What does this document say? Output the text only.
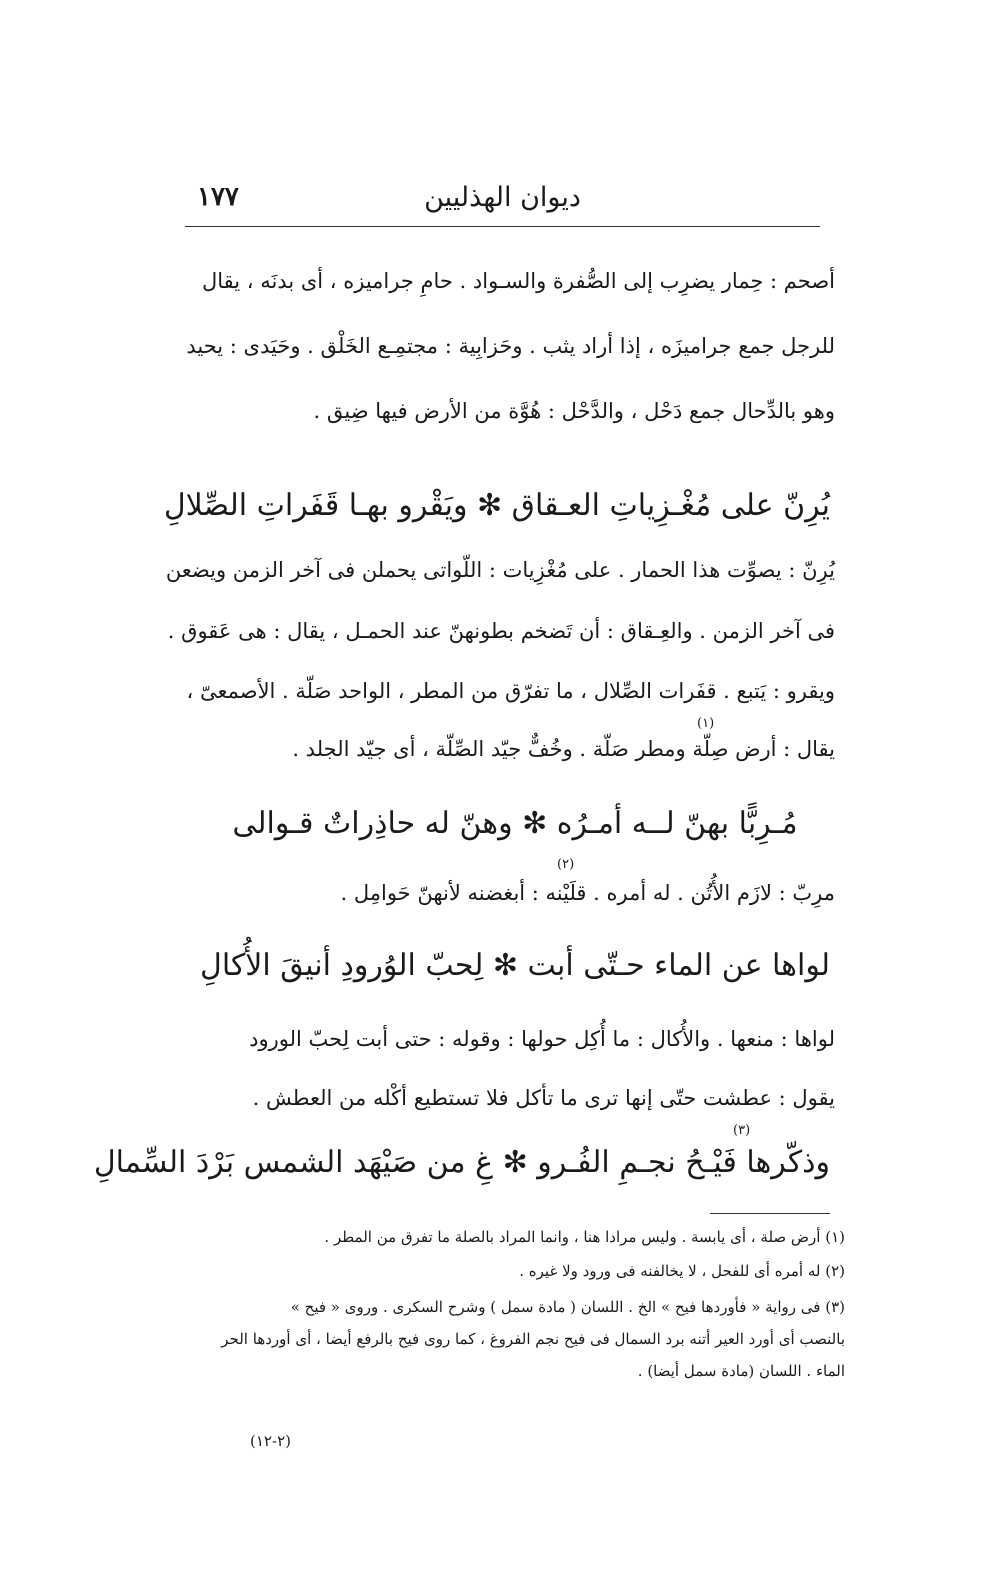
١٧٧	ديوان الهذليين
أصحم : حِمار يضرِب إلى الصُّفرة والسـواد . حامِ جراميزه ، أى بدنَه ، يقال
للرجل جمع جراميزَه ، إذا أراد يثب . وحَزابِية : مجتمِـع الخَلْق . وحَيَدى : يحيد
وهو بالدِّحال جمع دَحْل ، والدَّحْل : هُوَّة من الأرض فيها ضِيق .
يُرِنّ على مُغْـزِياتِ العـقاق ✻ ويَقْرو بهـا قَفَراتِ الصِّلالِ
يُرِنّ : يصوِّت هذا الحمار . على مُغْزِيات : اللّواتى يحملن فى آخر الزمن ويضعن
فى آخر الزمن . والعِـقاق : أن تَضخم بطونهنّ عند الحمـل ، يقال : هى عَقوق .
ويقرو : يَتبع . قفَرات الصِّلال ، ما تفرّق من المطر ، الواحد صَلّة . الأصمعىّ ،
يقال : أرض صِلّة ومطر صَلّة . وخُفٌّ جيّد الصِّلّة ، أى جيّد الجلد .
(١)
مُـرِبًّا بهنّ لــه أمـرُه ✻ وهنّ له حاذِراتٌ قـوالى
(٢)
مرِبّ : لازَم الأُتُن . له أمره . قلَيْنه : أبغضنه لأنهنّ حَوامِل .
لواها عن الماء حـتّى أبت ✻ لِحبّ الوُرودِ أنيقَ الأُكالِ
لواها : منعها . والأُكال : ما أُكِل حولها : وقوله : حتى أبت لِحبّ الورود
يقول : عطشت حتّى إنها ترى ما تأكل فلا تستطيع أكْله من العطش .
(٣)
وذكّرها فَيْـحُ نجـمِ الفُـرو ✻ غِ من صَيْهَد الشمس بَرْدَ السِّمالِ
(١) أرض صلة ، أى يابسة . وليس مرادا هنا ، وانما المراد بالصلة ما تفرق من المطر .
(٢) له أمره أى للفحل ، لا يخالفنه فى ورود ولا غيره .
(٣) فى رواية « فأوردها فيح » الخ . اللسان ( مادة سمل ) وشرح السكرى . وروى « فيح »
بالنصب أى أورد العير أتنه برد السمال فى فيح نجم الفروغ ، كما روى فيح بالرفع أيضا ، أى أوردها الحر
الماء . اللسان (مادة سمل أيضا) .
(٢-١٢)
